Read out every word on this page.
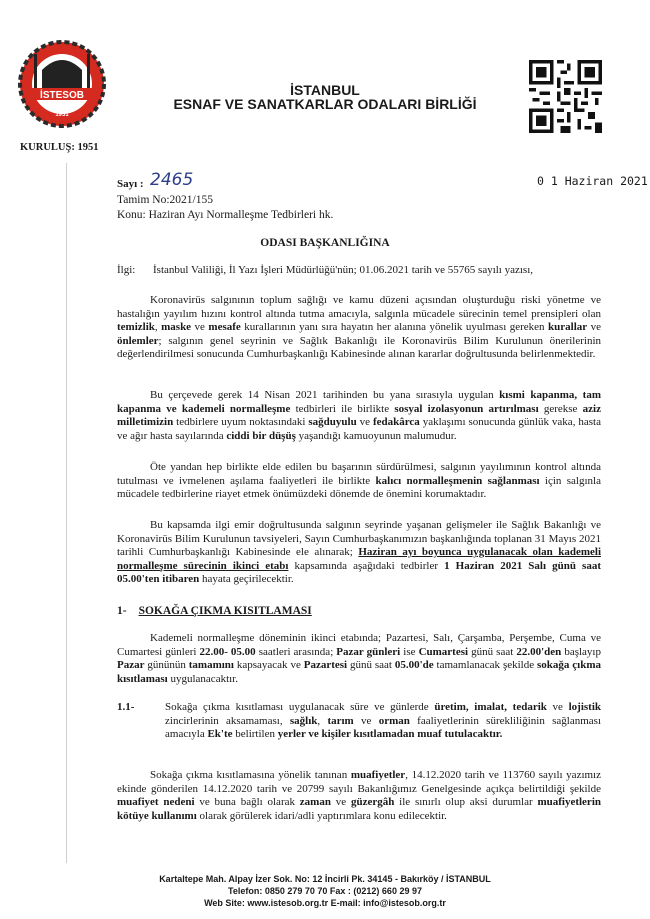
İSTESOB
1951
KURULUŞ: 1951
İSTANBUL
ESNAF VE SANATKARLAR ODALARI BİRLİĞİ
Sayı : 2465	0 1 Haziran 2021
Tamim No:2021/155
Konu: Haziran Ayı Normalleşme Tedbirleri hk.
ODASI BAŞKANLIĞINA
İlgi: İstanbul Valiliği, İl Yazı İşleri Müdürlüğü'nün; 01.06.2021 tarih ve 55765 sayılı yazısı,
   Koronavirüs salgınının toplum sağlığı ve kamu düzeni açısından oluşturduğu riski yönetme ve hastalığın yayılım hızını kontrol altında tutma amacıyla, salgınla mücadele sürecinin temel prensipleri olan temizlik, maske ve mesafe kurallarının yanı sıra hayatın her alanına yönelik uyulması gereken kurallar ve önlemler; salgının genel seyrinin ve Sağlık Bakanlığı ile Koronavirüs Bilim Kurulunun önerilerinin değerlendirilmesi sonucunda Cumhurbaşkanlığı Kabinesinde alınan kararlar doğrultusunda belirlenmektedir.
   Bu çerçevede gerek 14 Nisan 2021 tarihinden bu yana sırasıyla uygulan kısmi kapanma, tam kapanma ve kademeli normalleşme tedbirleri ile birlikte sosyal izolasyonun artırılması gerekse aziz milletimizin tedbirlere uyum noktasındaki sağduyulu ve fedakârca yaklaşımı sonucunda günlük vaka, hasta ve ağır hasta sayılarında ciddi bir düşüş yaşandığı kamuoyunun malumudur.
   Öte yandan hep birlikte elde edilen bu başarının sürdürülmesi, salgının yayılımının kontrol altında tutulması ve ivmelenen aşılama faaliyetleri ile birlikte kalıcı normalleşmenin sağlanması için salgınla mücadele tedbirlerine riayet etmek önümüzdeki dönemde de önemini korumaktadır.
   Bu kapsamda ilgi emir doğrultusunda salgının seyrinde yaşanan gelişmeler ile Sağlık Bakanlığı ve Koronavirüs Bilim Kurulunun tavsiyeleri, Sayın Cumhurbaşkanımızın başkanlığında toplanan 31 Mayıs 2021 tarihli Cumhurbaşkanlığı Kabinesinde ele alınarak; Haziran ayı boyunca uygulanacak olan kademeli normalleşme sürecinin ikinci etabı kapsamında aşağıdaki tedbirler 1 Haziran 2021 Salı günü saat 05.00'ten itibaren hayata geçirilecektir.
1- SOKAĞA ÇIKMA KISITLAMASI
   Kademeli normalleşme döneminin ikinci etabında; Pazartesi, Salı, Çarşamba, Perşembe, Cuma ve Cumartesi günleri 22.00- 05.00 saatleri arasında; Pazar günleri ise Cumartesi günü saat 22.00'den başlayıp Pazar gününün tamamını kapsayacak ve Pazartesi günü saat 05.00'de tamamlanacak şekilde sokağa çıkma kısıtlaması uygulanacaktır.
1.1-	Sokağa çıkma kısıtlaması uygulanacak süre ve günlerde üretim, imalat, tedarik ve lojistik zincirlerinin aksamaması, sağlık, tarım ve orman faaliyetlerinin sürekliliğinin sağlanması amacıyla Ek'te belirtilen yerler ve kişiler kısıtlamadan muaf tutulacaktır.
   Sokağa çıkma kısıtlamasına yönelik tanınan muafiyetler, 14.12.2020 tarih ve 113760 sayılı yazımız ekinde gönderilen 14.12.2020 tarih ve 20799 sayılı Bakanlığımız Genelgesinde açıkça belirtildiği şekilde muafiyet nedeni ve buna bağlı olarak zaman ve güzergâh ile sınırlı olup aksi durumlar muafiyetlerin kötüye kullanımı olarak görülerek idari/adli yaptırımlara konu edilecektir.
Kartaltepe Mah. Alpay İzer Sok. No: 12 İncirli Pk. 34145 - Bakırköy / İSTANBUL
Telefon: 0850 279 70 70 Fax : (0212) 660 29 97
Web Site: www.istesob.org.tr E-mail: info@istesob.org.tr
